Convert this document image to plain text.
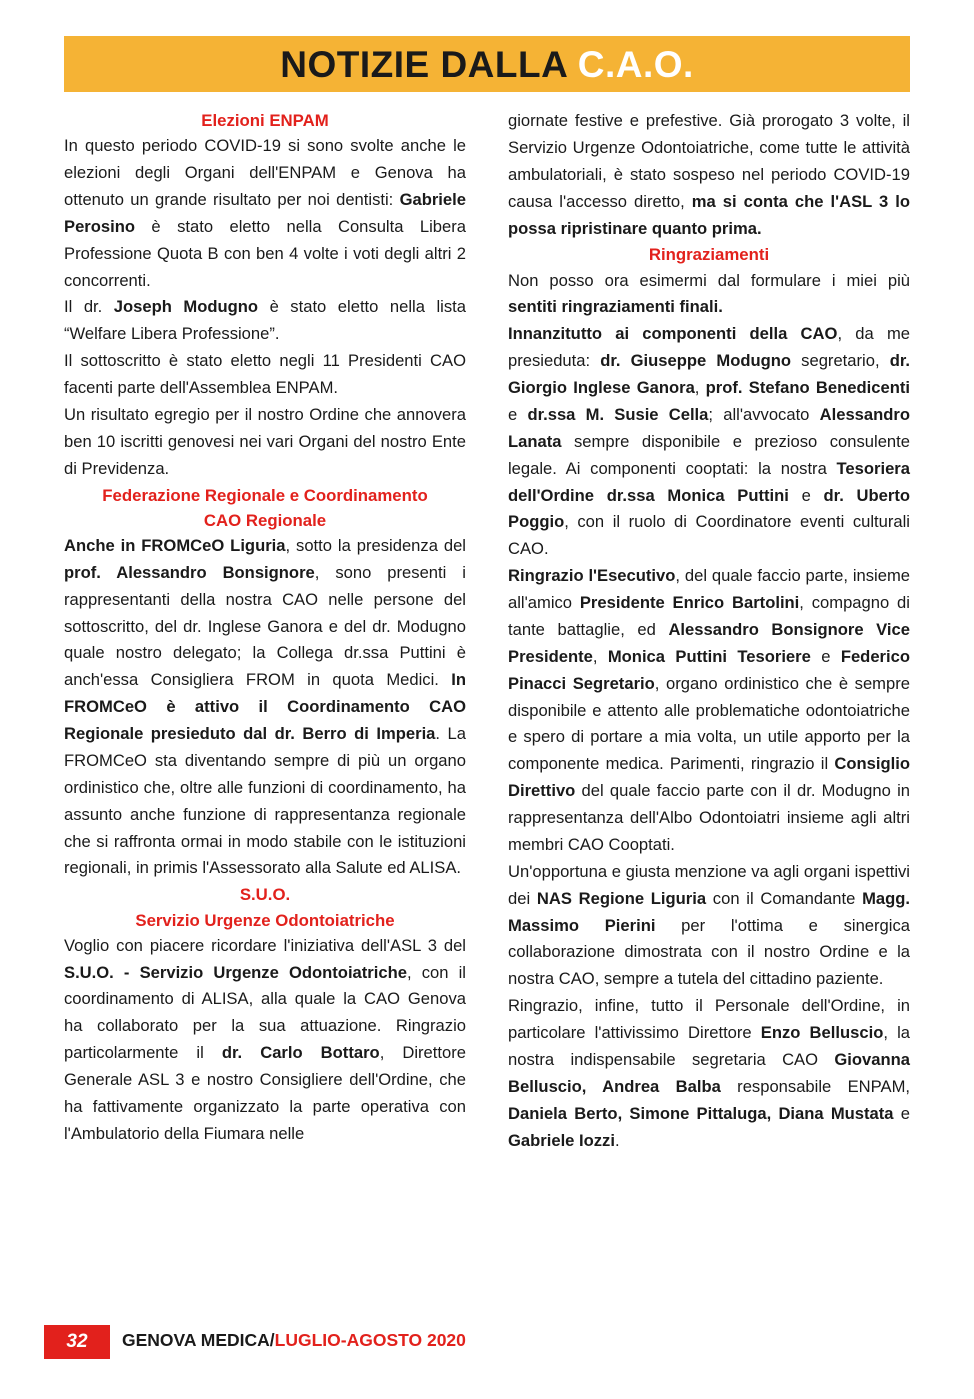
NOTIZIE DALLA C.A.O.

Elezioni ENPAM

In questo periodo COVID-19 si sono svolte anche le elezioni degli Organi dell'ENPAM e Genova ha ottenuto un grande risultato per noi dentisti: Gabriele Perosino è stato eletto nella Consulta Libera Professione Quota B con ben 4 volte i voti degli altri 2 concorrenti.

Il dr. Joseph Modugno è stato eletto nella lista “Welfare Libera Professione”.

Il sottoscritto è stato eletto negli 11 Presidenti CAO facenti parte dell'Assemblea ENPAM.

Un risultato egregio per il nostro Ordine che annovera ben 10 iscritti genovesi nei vari Organi del nostro Ente di Previdenza.

Federazione Regionale e Coordinamento

CAO Regionale

Anche in FROMCeO Liguria, sotto la presidenza del prof. Alessandro Bonsignore, sono presenti i rappresentanti della nostra CAO nelle persone del sottoscritto, del dr. Inglese Ganora e del dr. Modugno quale nostro delegato; la Collega dr.ssa Puttini è anch'essa Consigliera FROM in quota Medici. In FROMCeO è attivo il Coordinamento CAO Regionale presieduto dal dr. Berro di Imperia. La FROMCeO sta diventando sempre di più un organo ordinistico che, oltre alle funzioni di coordinamento, ha assunto anche funzione di rappresentanza regionale che si raffronta ormai in modo stabile con le istituzioni regionali, in primis l'Assessorato alla Salute ed ALISA.

S.U.O.

Servizio Urgenze Odontoiatriche

Voglio con piacere ricordare l'iniziativa dell'ASL 3 del S.U.O. - Servizio Urgenze Odontoiatriche, con il coordinamento di ALISA, alla quale la CAO Genova ha collaborato per la sua attuazione. Ringrazio particolarmente il dr. Carlo Bottaro, Direttore Generale ASL 3 e nostro Consigliere dell'Ordine, che ha fattivamente organizzato la parte operativa con l'Ambulatorio della Fiumara nelle

giornate festive e prefestive. Già prorogato 3 volte, il Servizio Urgenze Odontoiatriche, come tutte le attività ambulatoriali, è stato sospeso nel periodo COVID-19 causa l'accesso diretto, ma si conta che l'ASL 3 lo possa ripristinare quanto prima.

Ringraziamenti

Non posso ora esimermi dal formulare i miei più sentiti ringraziamenti finali.

Innanzitutto ai componenti della CAO, da me presieduta: dr. Giuseppe Modugno segretario, dr. Giorgio Inglese Ganora, prof. Stefano Benedicenti e dr.ssa M. Susie Cella; all'avvocato Alessandro Lanata sempre disponibile e prezioso consulente legale. Ai componenti cooptati: la nostra Tesoriera dell'Ordine dr.ssa Monica Puttini e dr. Uberto Poggio, con il ruolo di Coordinatore eventi culturali CAO.

Ringrazio l'Esecutivo, del quale faccio parte, insieme all'amico Presidente Enrico Bartolini, compagno di tante battaglie, ed Alessandro Bonsignore Vice Presidente, Monica Puttini Tesoriere e Federico Pinacci Segretario, organo ordinistico che è sempre disponibile e attento alle problematiche odontoiatriche e spero di portare a mia volta, un utile apporto per la componente medica. Parimenti, ringrazio il Consiglio Direttivo del quale faccio parte con il dr. Modugno in rappresentanza dell'Albo Odontoiatri insieme agli altri membri CAO Cooptati.

Un'opportuna e giusta menzione va agli organi ispettivi dei NAS Regione Liguria con il Comandante Magg. Massimo Pierini per l'ottima e sinergica collaborazione dimostrata con il nostro Ordine e la nostra CAO, sempre a tutela del cittadino paziente.

Ringrazio, infine, tutto il Personale dell'Ordine, in particolare l'attivissimo Direttore Enzo Belluscio, la nostra indispensabile segretaria CAO Giovanna Belluscio, Andrea Balba responsabile ENPAM, Daniela Berto, Simone Pittaluga, Diana Mustata e Gabriele Iozzi.

32 GENOVA MEDICA/LUGLIO-AGOSTO 2020
